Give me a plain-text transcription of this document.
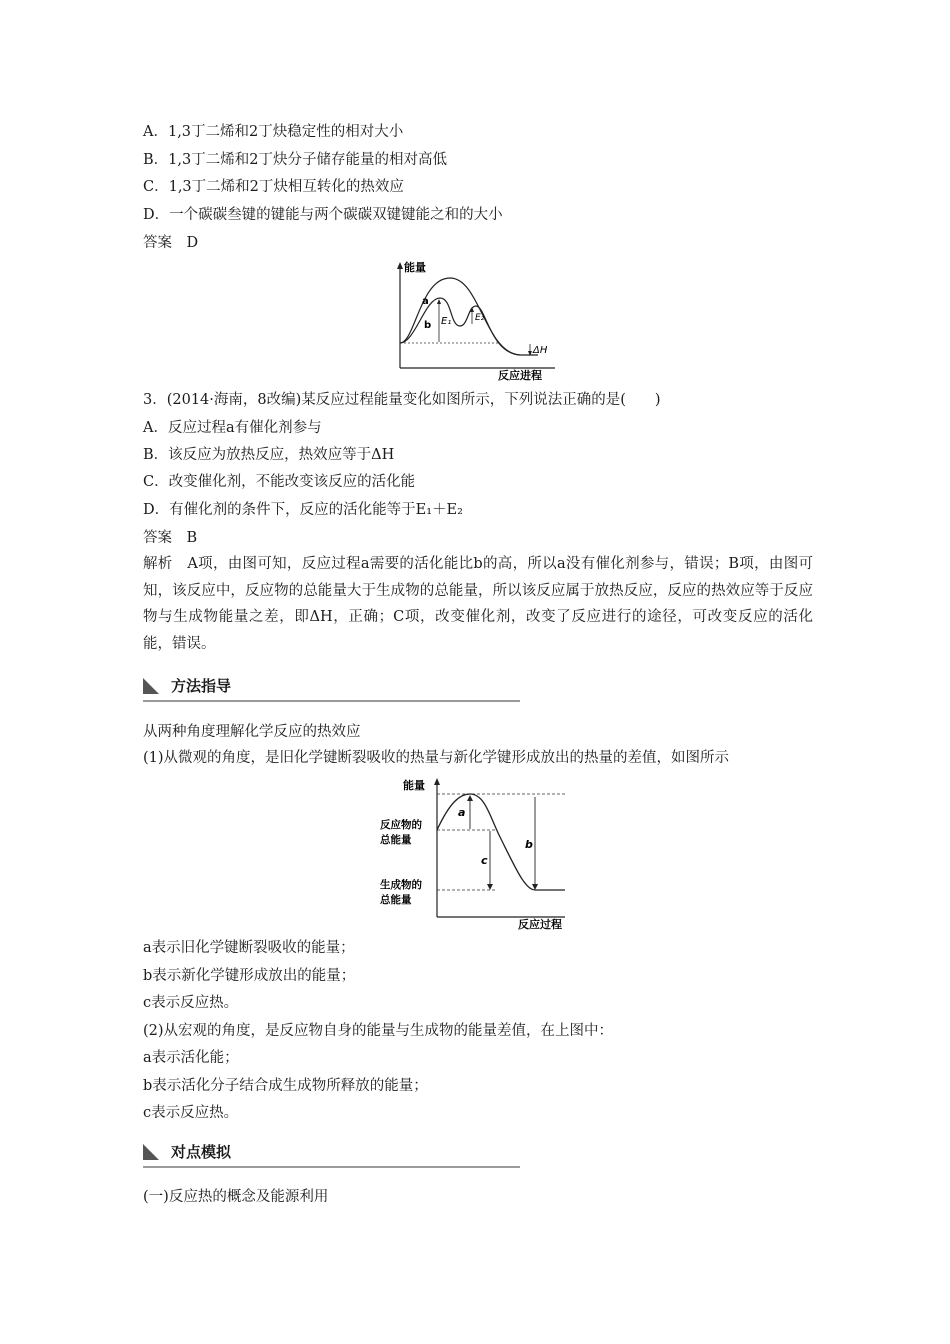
A．1,3丁二烯和2丁炔稳定性的相对大小
B．1,3丁二烯和2丁炔分子储存能量的相对高低
C．1,3丁二烯和2丁炔相互转化的热效应
D．一个碳碳叁键的键能与两个碳碳双键键能之和的大小
答案　D
能量
反应进程
a
b E₁	E₂
ΔH
3．(2014·海南，8改编)某反应过程能量变化如图所示，下列说法正确的是(　　)
A．反应过程a有催化剂参与
B．该反应为放热反应，热效应等于ΔH
C．改变催化剂，不能改变该反应的活化能
D．有催化剂的条件下，反应的活化能等于E₁＋E₂
答案　B
解析　A项，由图可知，反应过程a需要的活化能比b的高，所以a没有催化剂参与，错误；B项，由图可知，该反应中，反应物的总能量大于生成物的总能量，所以该反应属于放热反应，反应的热效应等于反应物与生成物能量之差，即ΔH，正确；C项，改变催化剂，改变了反应进行的途径，可改变反应的活化能，错误。
方法指导
从两种角度理解化学反应的热效应
(1)从微观的角度，是旧化学键断裂吸收的热量与新化学键形成放出的热量的差值，如图所示
能量
反应过程
反应物的
总能量
生成物的
总能量
a
c
b
a表示旧化学键断裂吸收的能量；
b表示新化学键形成放出的能量；
c表示反应热。
(2)从宏观的角度，是反应物自身的能量与生成物的能量差值，在上图中：
a表示活化能；
b表示活化分子结合成生成物所释放的能量；
c表示反应热。
对点模拟
(一)反应热的概念及能源利用
